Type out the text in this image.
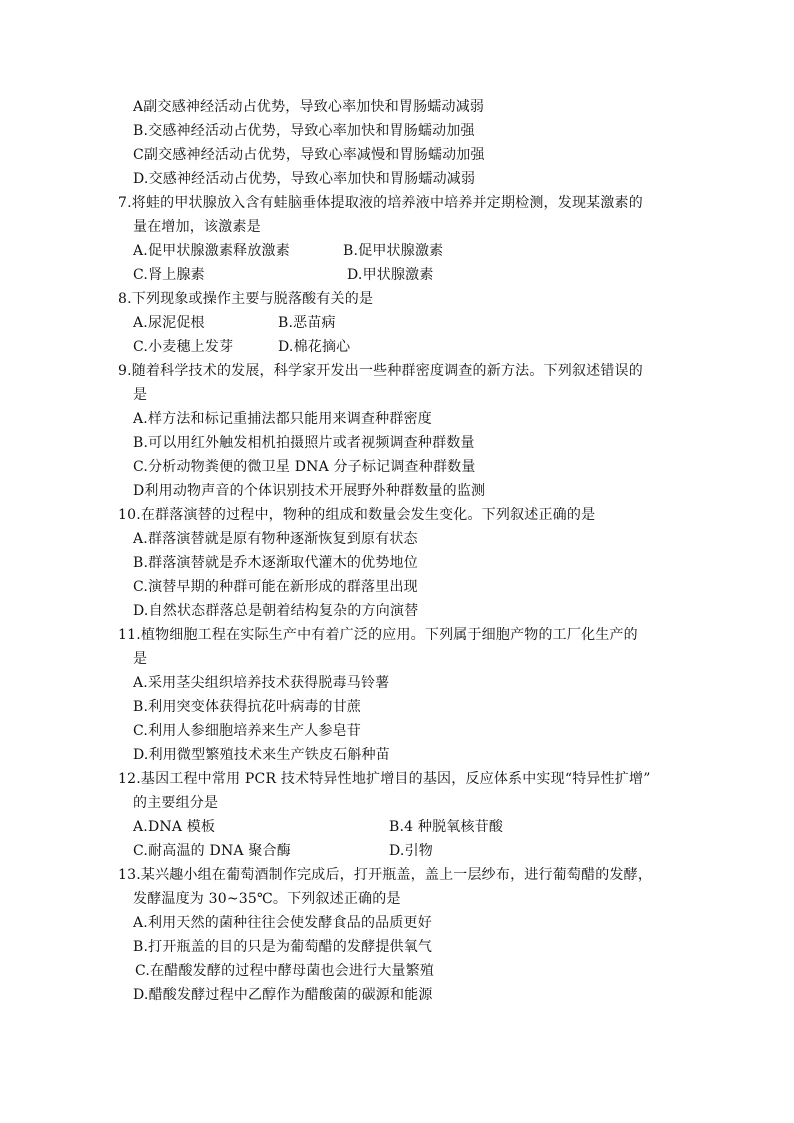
A副交感神经活动占优势，导致心率加快和胃肠蠕动减弱
B.交感神经活动占优势，导致心率加快和胃肠蠕动加强
C副交感神经活动占优势，导致心率减慢和胃肠蠕动加强
D.交感神经活动占优势，导致心率加快和胃肠蠕动减弱
7.将蛙的甲状腺放入含有蛙脑垂体提取液的培养液中培养并定期检测，发现某激素的
量在增加，该激素是
A.促甲状腺激素释放激素	B.促甲状腺激素
C.肾上腺素	D.甲状腺激素
8.下列现象或操作主要与脱落酸有关的是
A.尿泥促根	B.恶苗病
C.小麦穗上发芽	D.棉花摘心
9.随着科学技术的发展，科学家开发出一些种群密度调查的新方法。下列叙述错误的
是
A.样方法和标记重捕法都只能用来调查种群密度
B.可以用红外触发相机拍摄照片或者视频调查种群数量
C.分析动物粪便的微卫星 DNA 分子标记调查种群数量
D利用动物声音的个体识别技术开展野外种群数量的监测
10.在群落演替的过程中，物种的组成和数量会发生变化。下列叙述正确的是
A.群落演替就是原有物种逐渐恢复到原有状态
B.群落演替就是乔木逐渐取代灌木的优势地位
C.演替早期的种群可能在新形成的群落里出现
D.自然状态群落总是朝着结构复杂的方向演替
11.植物细胞工程在实际生产中有着广泛的应用。下列属于细胞产物的工厂化生产的
是
A.采用茎尖组织培养技术获得脱毒马铃薯
B.利用突变体获得抗花叶病毒的甘蔗
C.利用人参细胞培养来生产人参皂苷
D.利用微型繁殖技术来生产铁皮石斛种苗
12.基因工程中常用 PCR 技术特异性地扩增目的基因，反应体系中实现“特异性扩增”
的主要组分是
A.DNA 模板	B.4 种脱氧核苷酸
C.耐高温的 DNA 聚合酶	D.引物
13.某兴趣小组在葡萄酒制作完成后，打开瓶盖，盖上一层纱布，进行葡萄醋的发酵，
发酵温度为 30~35℃。下列叙述正确的是
A.利用天然的菌种往往会使发酵食品的品质更好
B.打开瓶盖的目的只是为葡萄醋的发酵提供氧气
C.在醋酸发酵的过程中酵母菌也会进行大量繁殖
D.醋酸发酵过程中乙醇作为醋酸菌的碳源和能源
